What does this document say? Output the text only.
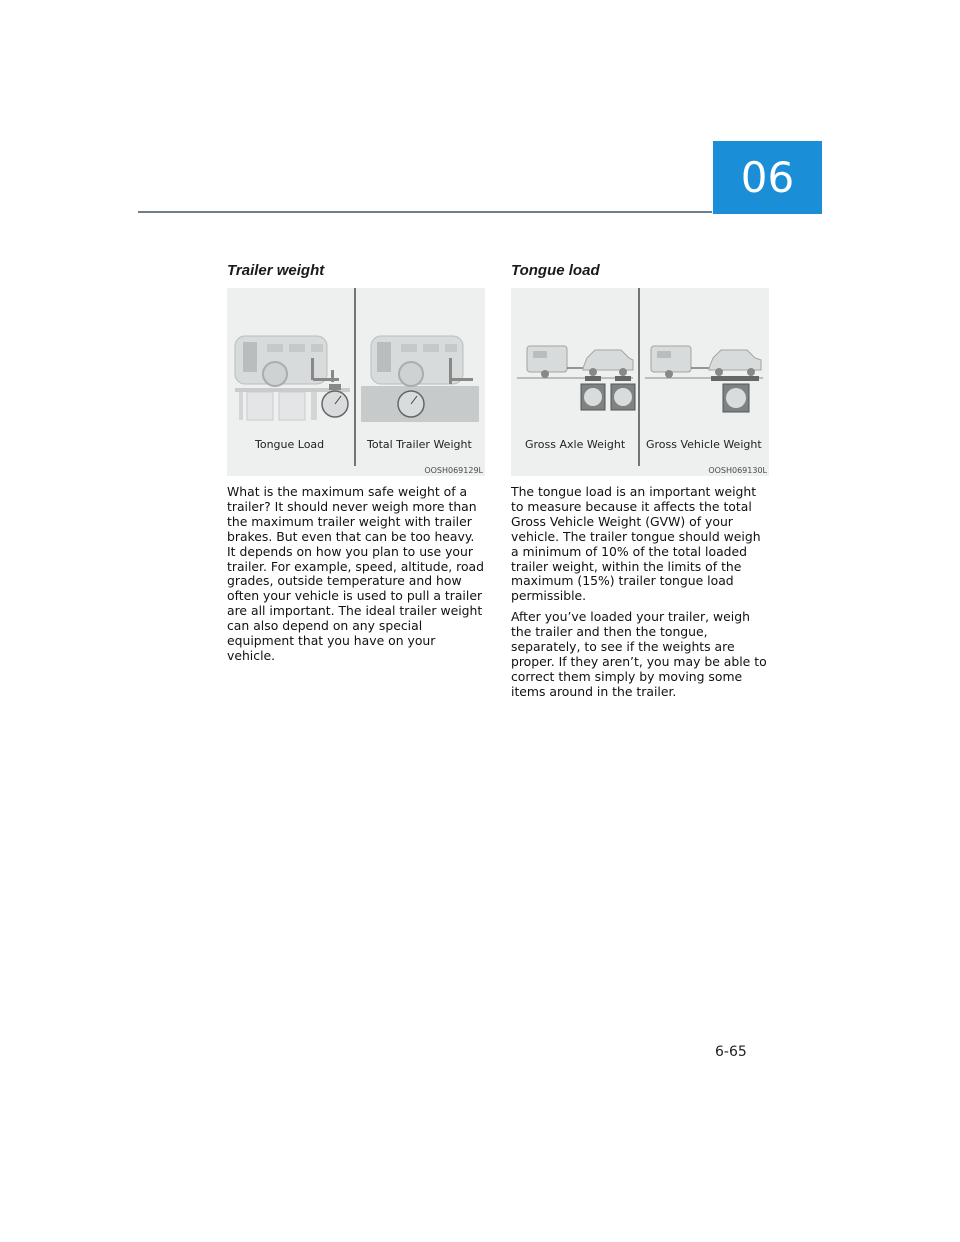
06
Trailer weight
Tongue Load	Total Trailer Weight
OOSH069129L

What is the maximum safe weight of a trailer? It should never weigh more than the maximum trailer weight with trailer brakes. But even that can be too heavy. It depends on how you plan to use your trailer. For example, speed, altitude, road grades, outside temperature and how often your vehicle is used to pull a trailer are all important. The ideal trailer weight can also depend on any special equipment that you have on your vehicle.

Tongue load
Gross Axle Weight Gross Vehicle Weight
OOSH069130L

The tongue load is an important weight to measure because it affects the total Gross Vehicle Weight (GVW) of your vehicle. The trailer tongue should weigh a minimum of 10% of the total loaded trailer weight, within the limits of the maximum (15%) trailer tongue load permissible.

After you’ve loaded your trailer, weigh the trailer and then the tongue, separately, to see if the weights are proper. If they aren’t, you may be able to correct them simply by moving some items around in the trailer.

6-65
